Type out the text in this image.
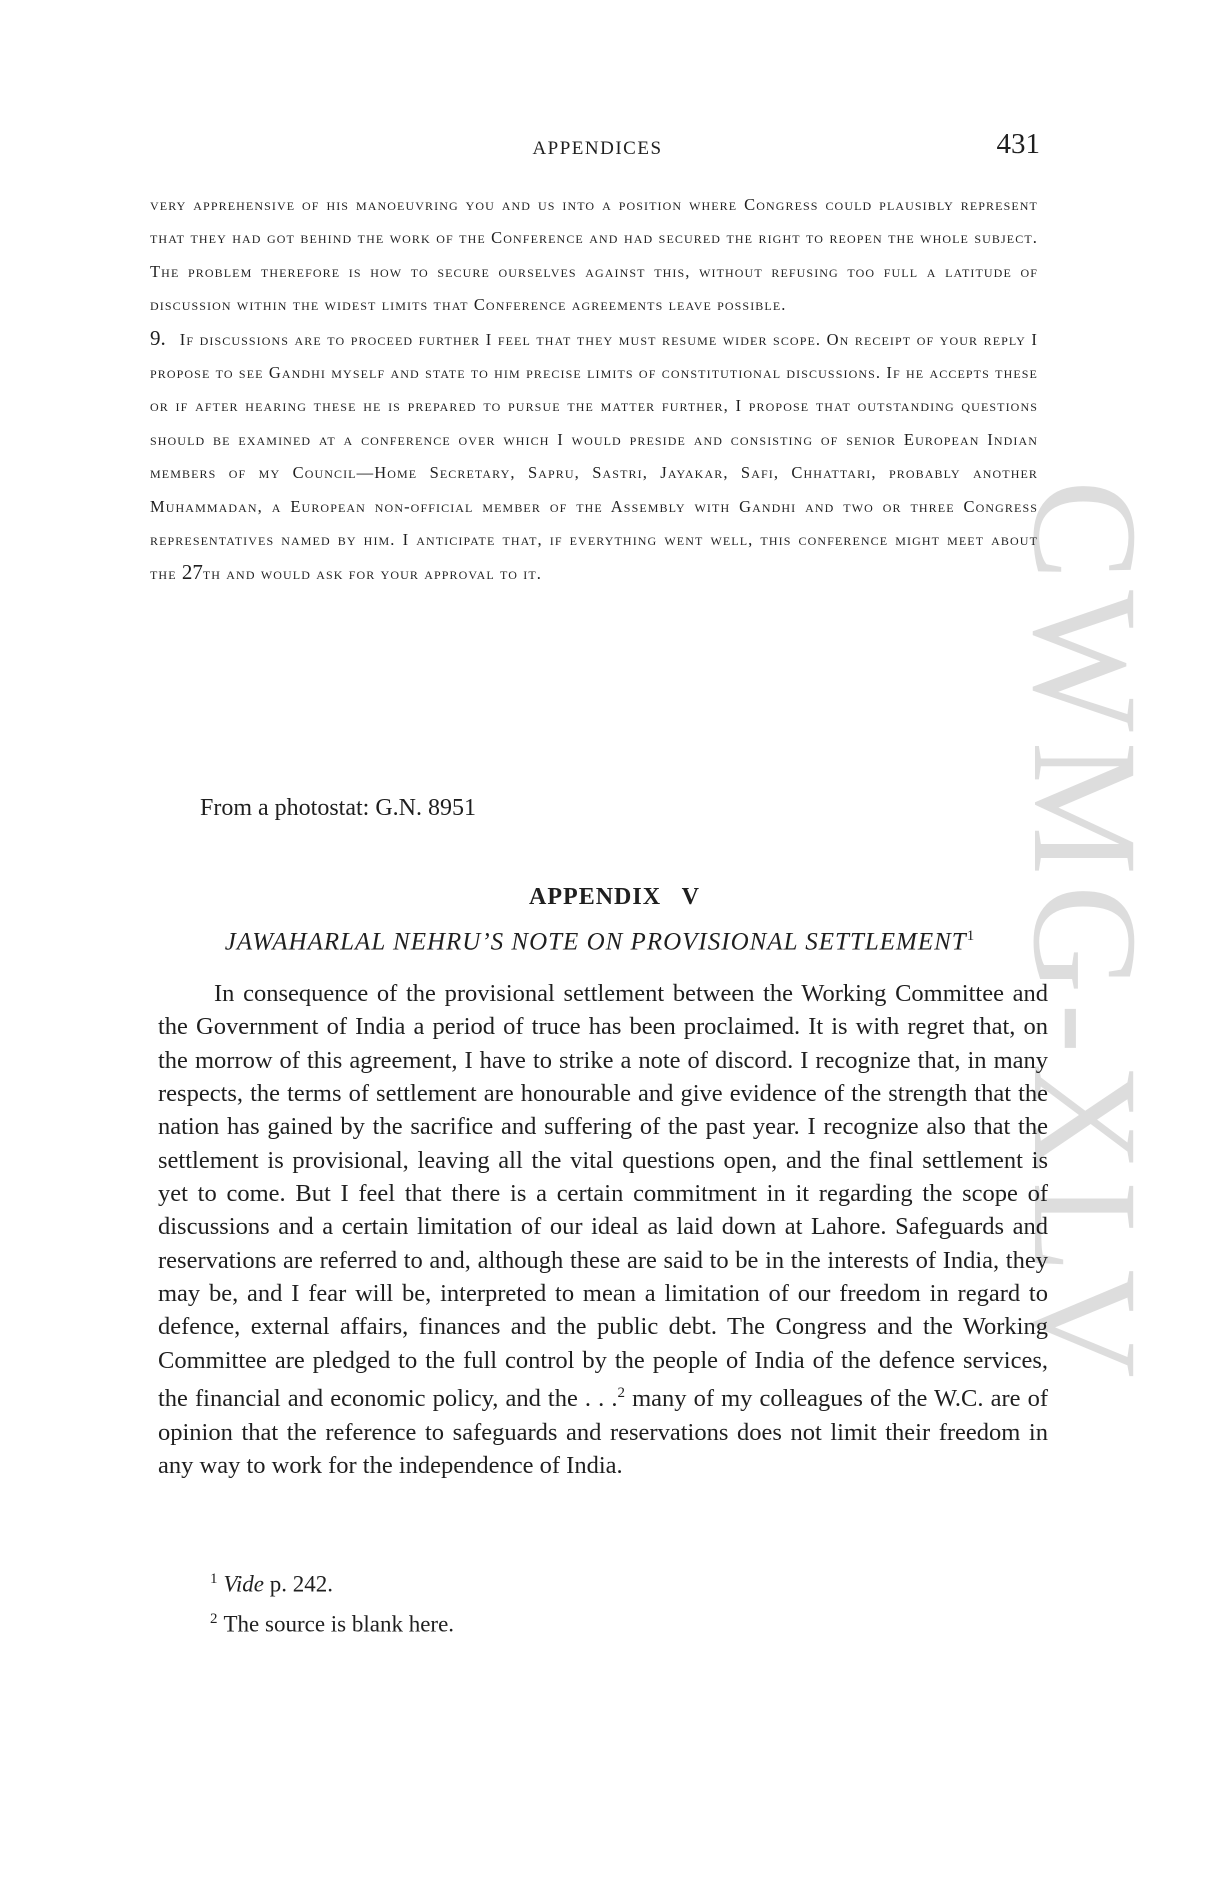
CWMG-XLV
APPENDICES	431

very apprehensive of his manoeuvring you and us into a position where Congress could plausibly represent that they had got behind the work of the Conference and had secured the right to reopen the whole subject. The problem therefore is how to secure ourselves against this, without refusing too full a latitude of discussion within the widest limits that Conference agreements leave possible.

9. If discussions are to proceed further I feel that they must resume wider scope. On receipt of your reply I propose to see Gandhi myself and state to him precise limits of constitutional discussions. If he accepts these or if after hearing these he is prepared to pursue the matter further, I propose that outstanding questions should be examined at a conference over which I would preside and consisting of senior European Indian members of my Council—Home Secretary, Sapru, Sastri, Jayakar, Safi, Chhattari, probably another Muhammadan, a European non-official member of the Assembly with Gandhi and two or three Congress representatives named by him. I anticipate that, if everything went well, this conference might meet about the 27th and would ask for your approval to it.

From a photostat: G.N. 8951
APPENDIX   V
JAWAHARLAL NEHRU’S NOTE ON PROVISIONAL SETTLEMENT$^1$

In consequence of the provisional settlement between the Working Committee and the Government of India a period of truce has been proclaimed. It is with regret that, on the morrow of this agreement, I have to strike a note of discord. I recognize that, in many respects, the terms of settlement are honourable and give evidence of the strength that the nation has gained by the sacrifice and suffering of the past year. I recognize also that the settlement is provisional, leaving all the vital questions open, and the final settlement is yet to come. But I feel that there is a certain commitment in it regarding the scope of discussions and a certain limitation of our ideal as laid down at Lahore. Safeguards and reservations are referred to and, although these are said to be in the interests of India, they may be, and I fear will be, interpreted to mean a limitation of our freedom in regard to defence, external affairs, finances and the public debt. The Congress and the Working Committee are pledged to the full control by the people of India of the defence services, the financial and economic policy, and the . . .$^2$ many of my colleagues of the W.C. are of opinion that the reference to safeguards and reservations does not limit their freedom in any way to work for the independence of India.

$^1$ Vide p. 242.
$^2$ The source is blank here.
